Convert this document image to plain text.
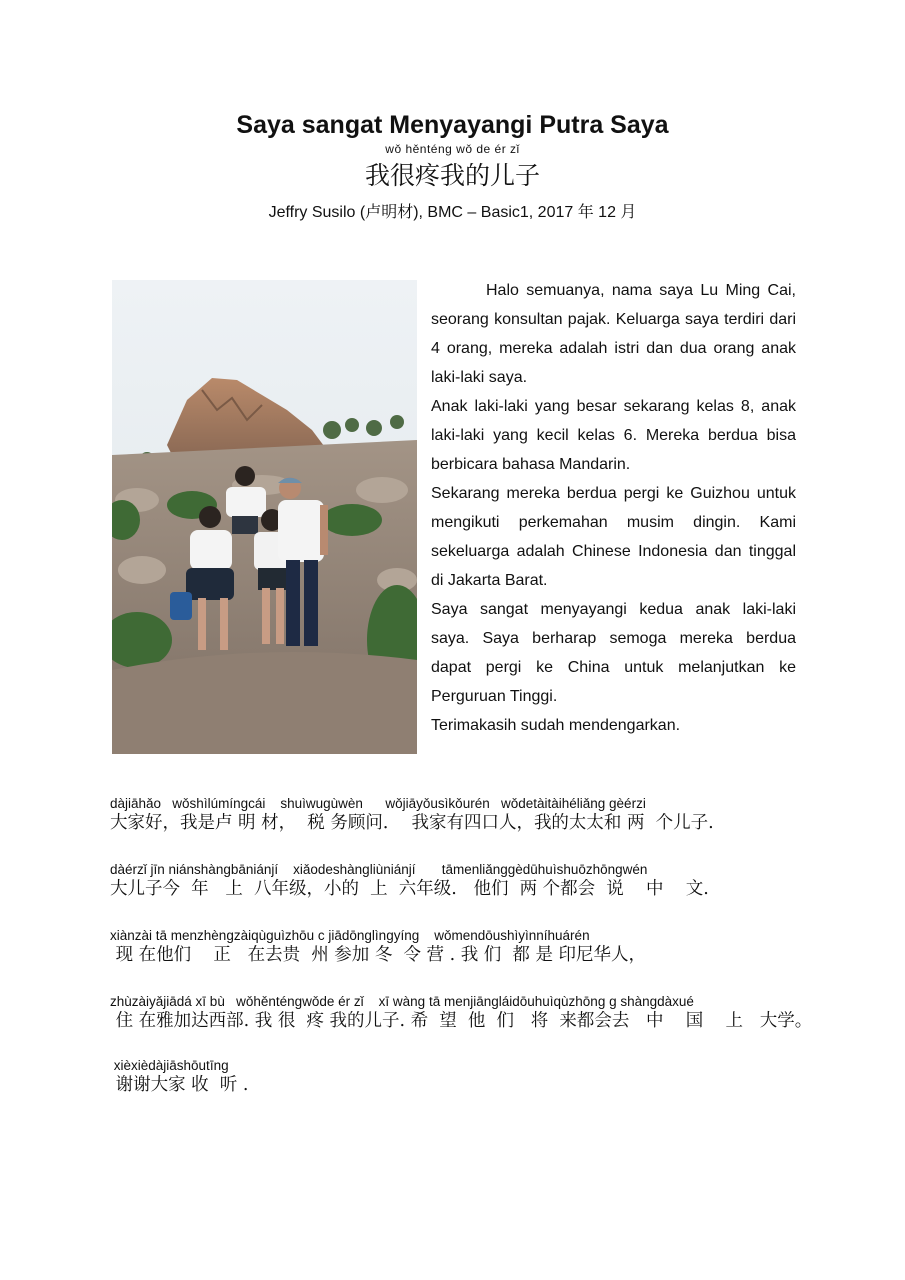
Saya sangat Menyayangi Putra Saya
wǒ hěnténg wǒ de ér zǐ
我很疼我的儿子
Jeffry Susilo (卢明材), BMC – Basic1, 2017 年 12 月

Halo semuanya, nama saya Lu Ming Cai, seorang konsultan pajak. Keluarga saya terdiri dari 4 orang, mereka adalah istri dan dua orang anak laki-laki saya.

Anak laki-laki yang besar sekarang kelas 8, anak laki-laki yang kecil kelas 6. Mereka berdua bisa berbicara bahasa Mandarin.

Sekarang mereka berdua pergi ke Guizhou untuk mengikuti perkemahan musim dingin. Kami sekeluarga adalah Chinese Indonesia dan tinggal di Jakarta Barat.

Saya sangat menyayangi kedua anak laki-laki saya. Saya berharap semoga mereka berdua dapat pergi ke China untuk melanjutkan ke Perguruan Tinggi.

Terimakasih sudah mendengarkan.

dàjiāhǎo   wǒshìlúmíngcái    shuìwugùwèn      wǒjiāyǒusìkǒurén   wǒdetàitàihéliǎng gèérzi
大家好，我是卢 明 材，  税 务顾问．  我家有四口人，我的太太和 两  个儿子.
dàérzǐ jīn niánshàngbāniánjí    xiǎodeshàngliùniánjí       tāmenliǎnggèdūhuìshuōzhōngwén
大儿子今  年   上  八年级，小的  上  六年级.   他们  两 个都会  说    中    文.
xiànzài tā menzhèngzàiqùguìzhōu c jiādōnglìngyíng    wǒmendōushìyìnníhuárén
现 在他们    正   在去贵  州 参加 冬  令 营 . 我 们  都 是 印尼华人，
zhùzàiyǎjiādá xī bù   wǒhěnténgwǒde ér zǐ    xī wàng tā menjiāngláidōuhuìqùzhōng g shàngdàxué
住 在雅加达西部. 我 很  疼 我的儿子. 希  望  他  们   将  来都会去   中    国    上   大学。
xièxièdàjiāshōutīng
谢谢大家 收  听 .
